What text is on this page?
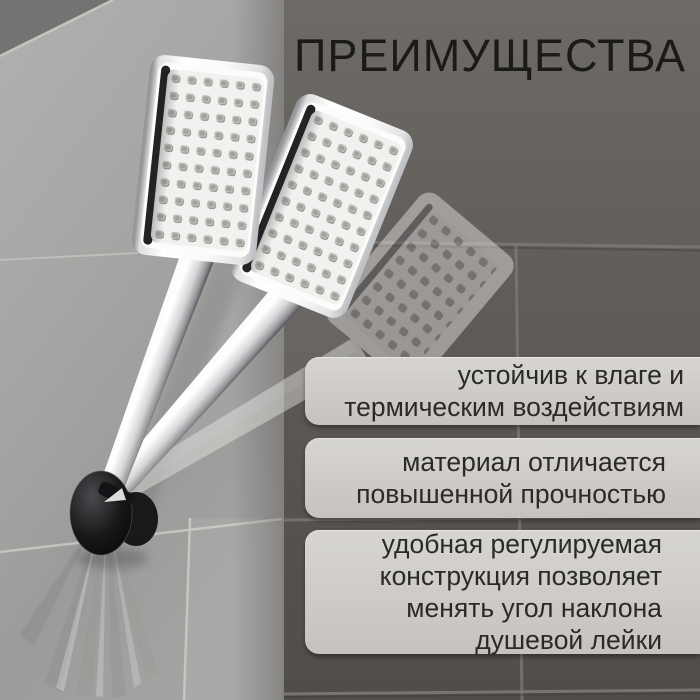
ПРЕИМУЩЕСТВА
устойчив к влаге и
термическим воздействиям
материал отличается
повышенной прочностью
удобная регулируемая
конструкция позволяет
менять угол наклона
душевой лейки
